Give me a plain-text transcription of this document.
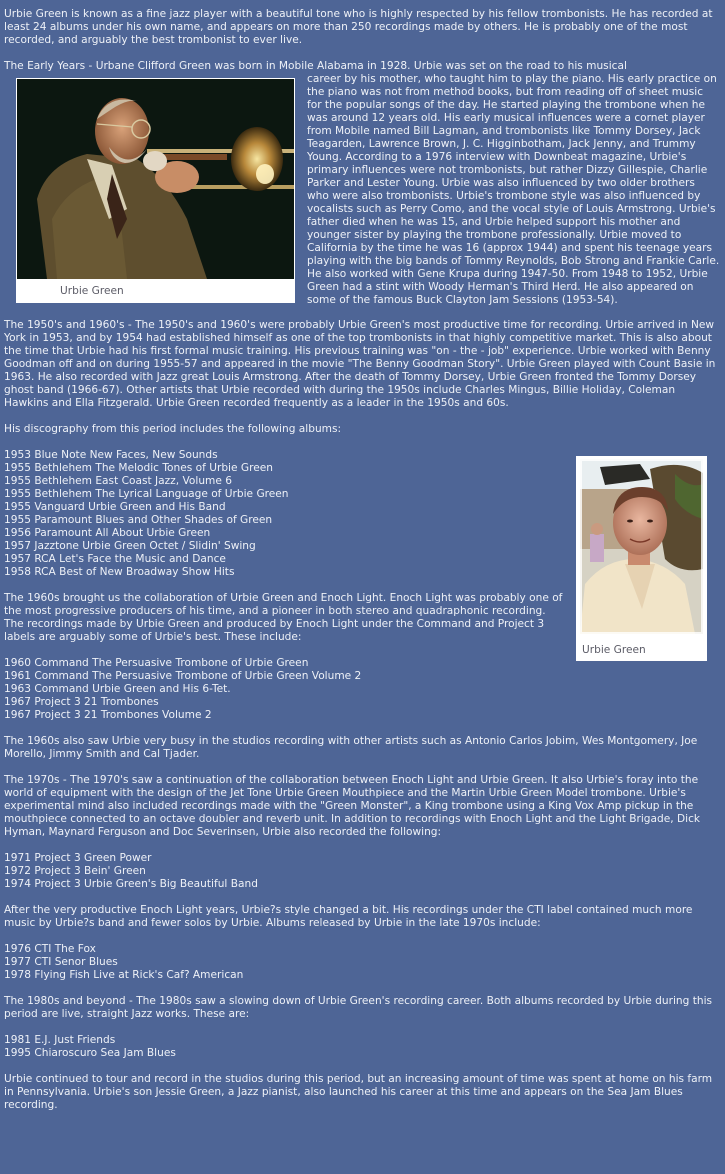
Urbie Green is known as a fine jazz player with a beautiful tone who is highly respected by his fellow trombonists. He has recorded at least 24 albums under his own name, and appears on more than 250 recordings made by others. He is probably one of the most recorded, and arguably the best trombonist to ever live.

The Early Years - Urbane Clifford Green was born in Mobile Alabama in 1928. Urbie was set on the road to his musical
Urbie Green

career by his mother, who taught him to play the piano. His early practice on the piano was not from method books, but from reading off of sheet music for the popular songs of the day. He started playing the trombone when he was around 12 years old. His early musical influences were a cornet player from Mobile named Bill Lagman, and trombonists like Tommy Dorsey, Jack Teagarden, Lawrence Brown, J. C. Higginbotham, Jack Jenny, and Trummy Young. According to a 1976 interview with Downbeat magazine, Urbie's primary influences were not trombonists, but rather Dizzy Gillespie, Charlie Parker and Lester Young. Urbie was also influenced by two older brothers who were also trombonists. Urbie's trombone style was also influenced by vocalists such as Perry Como, and the vocal style of Louis Armstrong. Urbie's father died when he was 15, and Urbie helped support his mother and younger sister by playing the trombone professionally. Urbie moved to California by the time he was 16 (approx 1944) and spent his teenage years playing with the big bands of Tommy Reynolds, Bob Strong and Frankie Carle. He also worked with Gene Krupa during 1947-50. From 1948 to 1952, Urbie Green had a stint with Woody Herman's Third Herd. He also appeared on some of the famous Buck Clayton Jam Sessions (1953-54).

The 1950's and 1960's - The 1950's and 1960's were probably Urbie Green's most productive time for recording. Urbie arrived in New York in 1953, and by 1954 had established himself as one of the top trombonists in that highly competitive market. This is also about the time that Urbie had his first formal music training. His previous training was "on - the - job" experience. Urbie worked with Benny Goodman off and on during 1955-57 and appeared in the movie "The Benny Goodman Story". Urbie Green played with Count Basie in 1963. He also recorded with Jazz great Louis Armstrong. After the death of Tommy Dorsey, Urbie Green fronted the Tommy Dorsey ghost band (1966-67). Other artists that Urbie recorded with during the 1950s include Charles Mingus, Billie Holiday, Coleman Hawkins and Ella Fitzgerald. Urbie Green recorded frequently as a leader in the 1950s and 60s.

His discography from this period includes the following albums:

Urbie Green
1953 Blue Note New Faces, New Sounds
1955 Bethlehem The Melodic Tones of Urbie Green
1955 Bethlehem East Coast Jazz, Volume 6
1955 Bethlehem The Lyrical Language of Urbie Green
1955 Vanguard Urbie Green and His Band
1955 Paramount Blues and Other Shades of Green
1956 Paramount All About Urbie Green
1957 Jazztone Urbie Green Octet / Slidin' Swing
1957 RCA Let's Face the Music and Dance
1958 RCA Best of New Broadway Show Hits

The 1960s brought us the collaboration of Urbie Green and Enoch Light. Enoch Light was probably one of the most progressive producers of his time, and a pioneer in both stereo and quadraphonic recording. The recordings made by Urbie Green and produced by Enoch Light under the Command and Project 3 labels are arguably some of Urbie's best. These include:

1960 Command The Persuasive Trombone of Urbie Green
1961 Command The Persuasive Trombone of Urbie Green Volume 2
1963 Command Urbie Green and His 6-Tet.
1967 Project 3 21 Trombones
1967 Project 3 21 Trombones Volume 2

The 1960s also saw Urbie very busy in the studios recording with other artists such as Antonio Carlos Jobim, Wes Montgomery, Joe Morello, Jimmy Smith and Cal Tjader.

The 1970s - The 1970's saw a continuation of the collaboration between Enoch Light and Urbie Green. It also Urbie's foray into the world of equipment with the design of the Jet Tone Urbie Green Mouthpiece and the Martin Urbie Green Model trombone. Urbie's experimental mind also included recordings made with the "Green Monster", a King trombone using a King Vox Amp pickup in the mouthpiece connected to an octave doubler and reverb unit. In addition to recordings with Enoch Light and the Light Brigade, Dick Hyman, Maynard Ferguson and Doc Severinsen, Urbie also recorded the following:

1971 Project 3 Green Power
1972 Project 3 Bein' Green
1974 Project 3 Urbie Green's Big Beautiful Band

After the very productive Enoch Light years, Urbie?s style changed a bit. His recordings under the CTI label contained much more music by Urbie?s band and fewer solos by Urbie. Albums released by Urbie in the late 1970s include:

1976 CTI The Fox
1977 CTI Senor Blues
1978 Flying Fish Live at Rick's Caf? American

The 1980s and beyond - The 1980s saw a slowing down of Urbie Green's recording career. Both albums recorded by Urbie during this period are live, straight Jazz works. These are:

1981 E.J. Just Friends
1995 Chiaroscuro Sea Jam Blues

Urbie continued to tour and record in the studios during this period, but an increasing amount of time was spent at home on his farm in Pennsylvania. Urbie's son Jessie Green, a Jazz pianist, also launched his career at this time and appears on the Sea Jam Blues recording.
